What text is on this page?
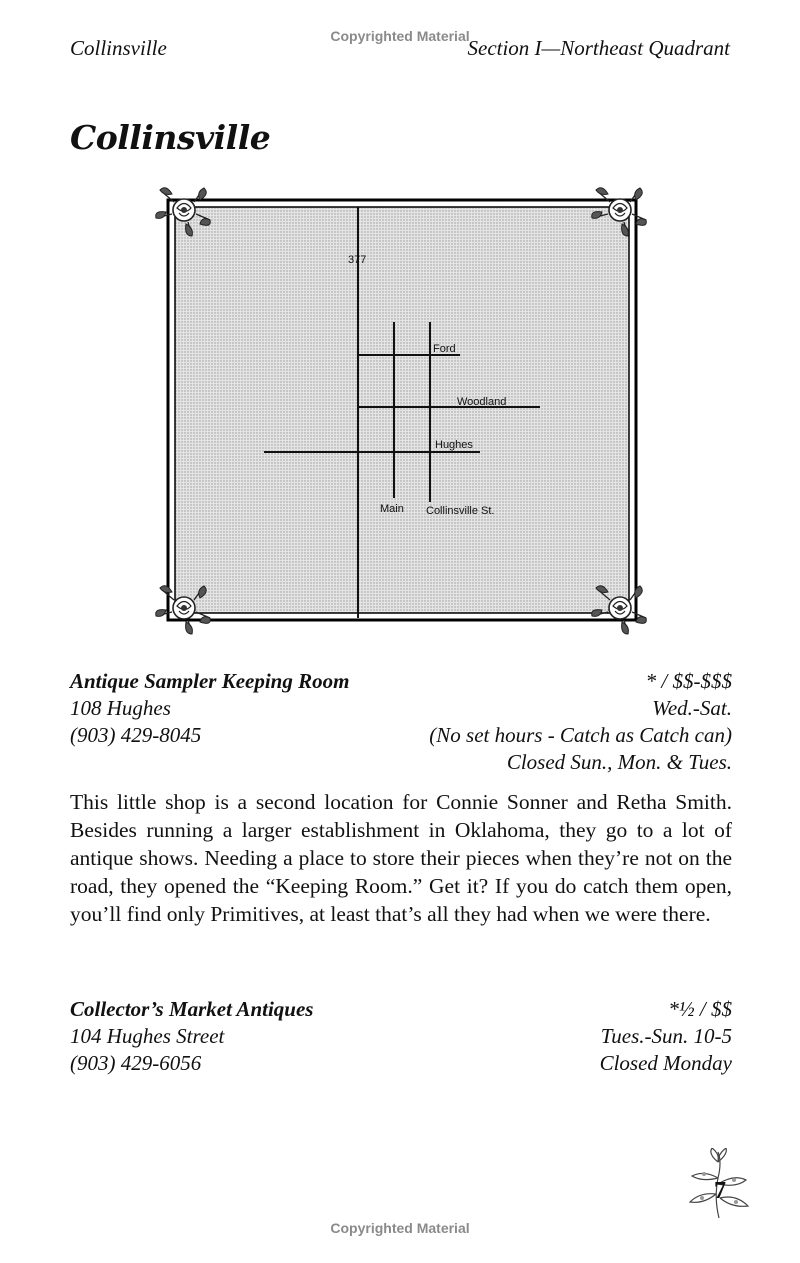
Copyrighted Material
Copyrighted Material
Collinsville	Section I—Northeast Quadrant
Collinsville
377
Ford
Woodland
Hughes
Main Collinsville St.
Antique Sampler Keeping Room	* / $$-$$$
108 Hughes	Wed.-Sat.
(903) 429-8045	(No set hours - Catch as Catch can)
Closed Sun., Mon. & Tues.
This little shop is a second location for Connie Sonner and Retha Smith. Besides running a larger establishment in Oklahoma, they go to a lot of antique shows. Needing a place to store their pieces when they’re not on the road, they opened the “Keeping Room.” Get it? If you do catch them open, you’ll find only Primitives, at least that’s all they had when we were there.
Collector’s Market Antiques	*½ / $$
104 Hughes Street	Tues.-Sun. 10-5
(903) 429-6056	Closed Monday
7
